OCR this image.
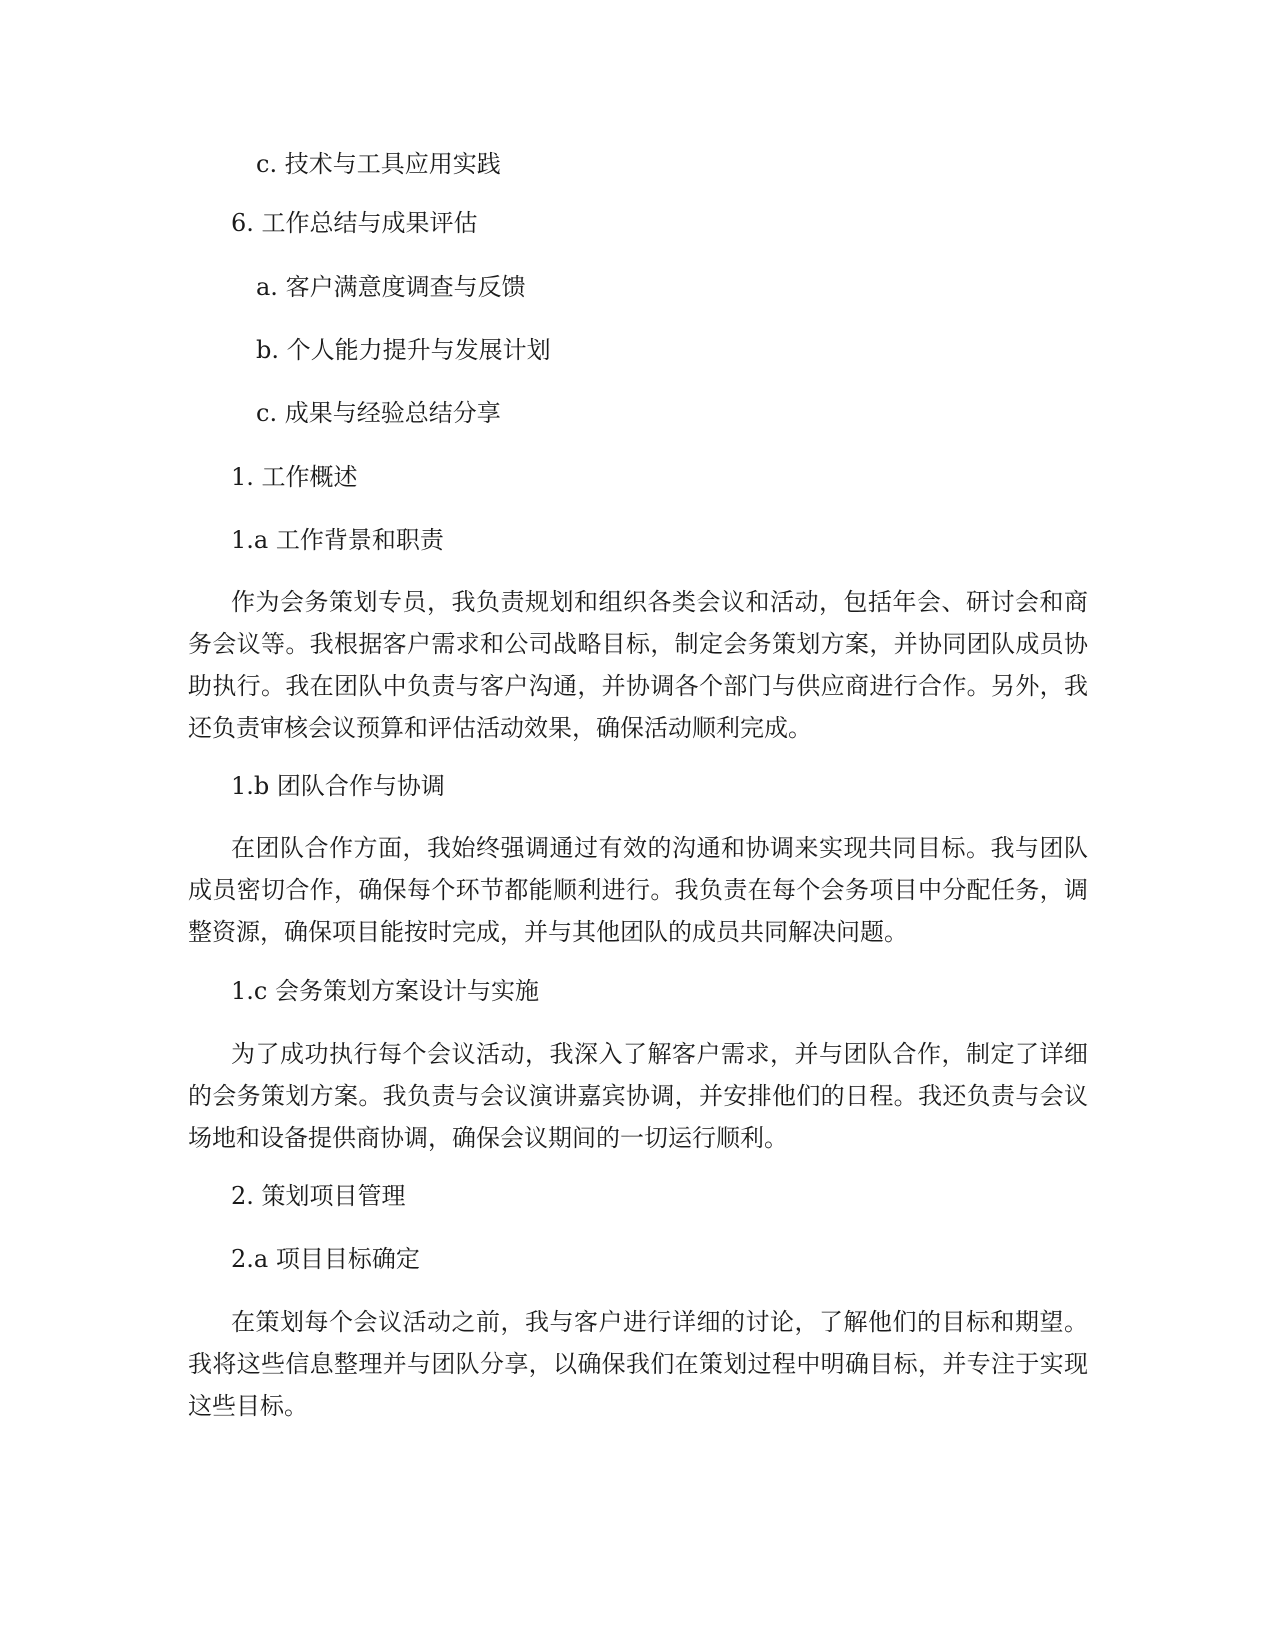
c. 技术与工具应用实践

6. 工作总结与成果评估

a. 客户满意度调查与反馈

b. 个人能力提升与发展计划

c. 成果与经验总结分享

1. 工作概述

1.a 工作背景和职责

作为会务策划专员，我负责规划和组织各类会议和活动，包括年会、研讨会和商务会议等。我根据客户需求和公司战略目标，制定会务策划方案，并协同团队成员协助执行。我在团队中负责与客户沟通，并协调各个部门与供应商进行合作。另外，我还负责审核会议预算和评估活动效果，确保活动顺利完成。

1.b 团队合作与协调

在团队合作方面，我始终强调通过有效的沟通和协调来实现共同目标。我与团队成员密切合作，确保每个环节都能顺利进行。我负责在每个会务项目中分配任务，调整资源，确保项目能按时完成，并与其他团队的成员共同解决问题。

1.c 会务策划方案设计与实施

为了成功执行每个会议活动，我深入了解客户需求，并与团队合作，制定了详细的会务策划方案。我负责与会议演讲嘉宾协调，并安排他们的日程。我还负责与会议场地和设备提供商协调，确保会议期间的一切运行顺利。

2. 策划项目管理

2.a 项目目标确定

在策划每个会议活动之前，我与客户进行详细的讨论，了解他们的目标和期望。我将这些信息整理并与团队分享，以确保我们在策划过程中明确目标，并专注于实现这些目标。
